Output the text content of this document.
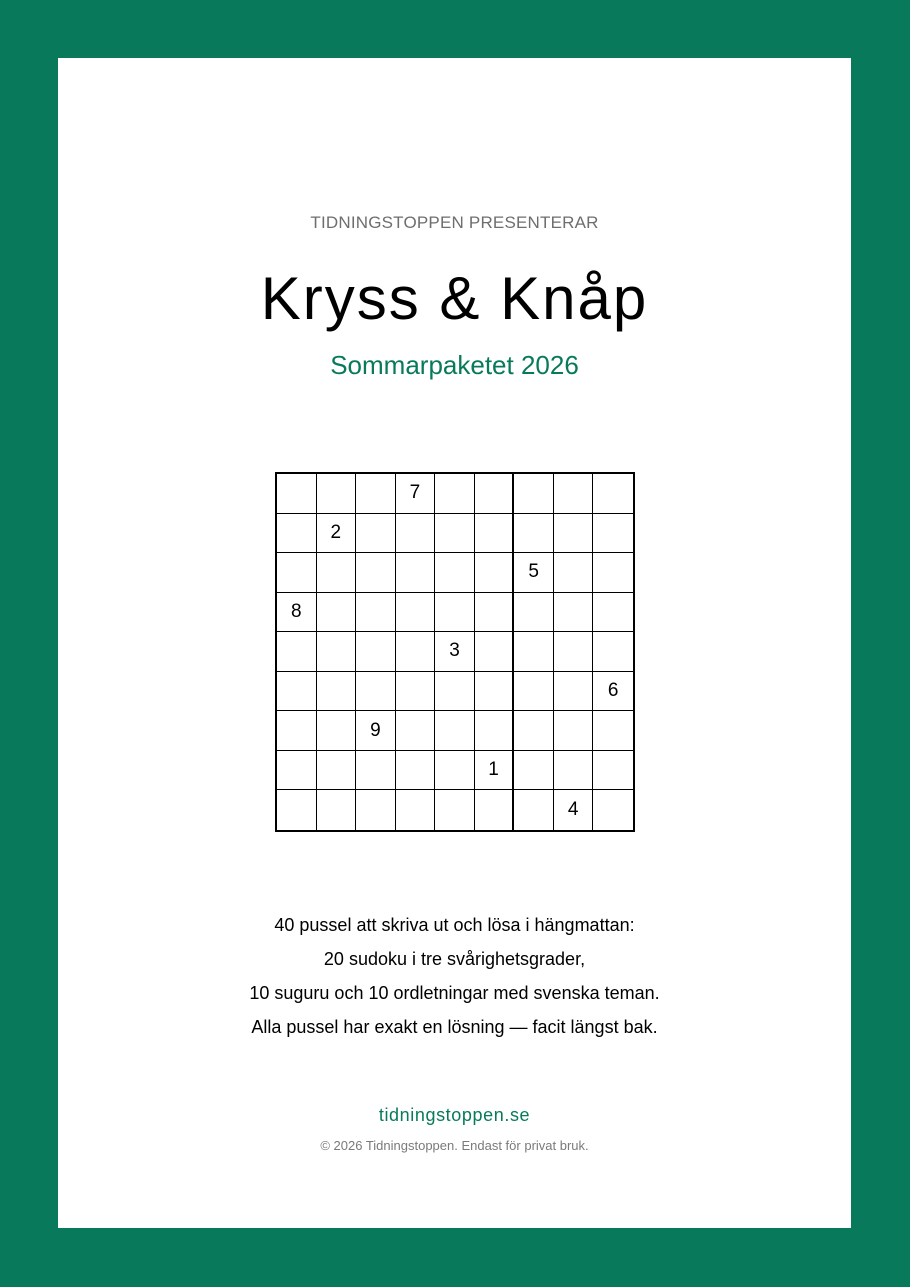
TIDNINGSTOPPEN PRESENTERAR
Kryss & Knåp
Sommarpaketet 2026
7
2
5
8
3
6
9
1
4
40 pussel att skriva ut och lösa i hängmattan:
20 sudoku i tre svårighetsgrader,
10 suguru och 10 ordletningar med svenska teman.
Alla pussel har exakt en lösning — facit längst bak.
tidningstoppen.se
© 2026 Tidningstoppen. Endast för privat bruk.
